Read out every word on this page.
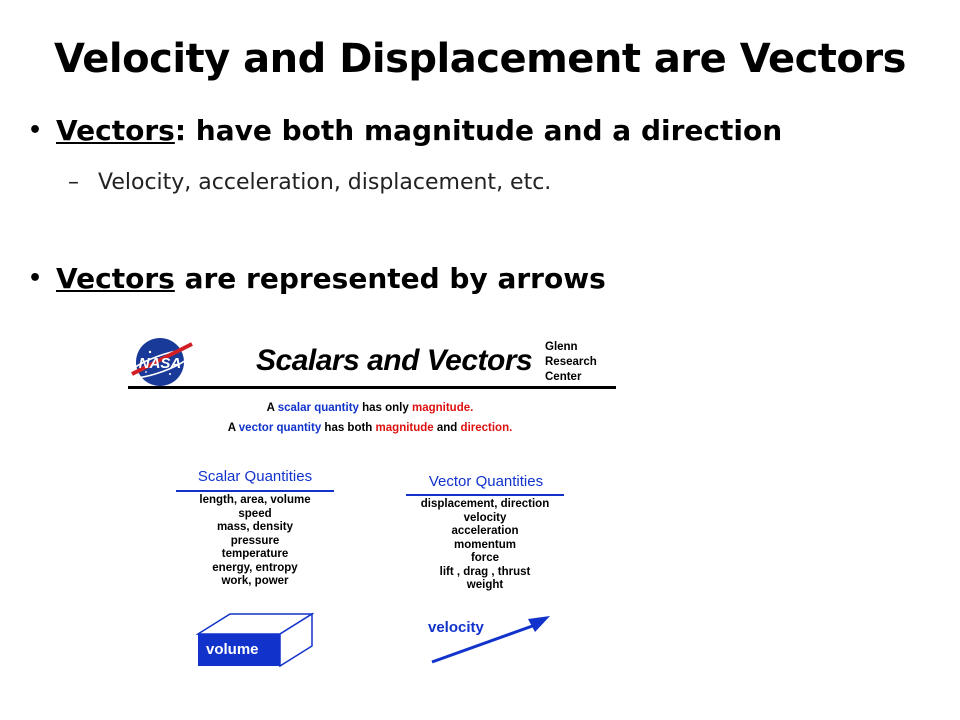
Velocity and Displacement are Vectors
• Vectors: have both magnitude and a direction
– Velocity, acceleration, displacement, etc.
• Vectors are represented by arrows
NASA Scalars and Vectors Glenn
Research
Center
A scalar quantity has only magnitude.
A vector quantity has both magnitude and direction.
Scalar Quantities
length, area, volume
speed
mass, density
pressure
temperature
energy, entropy
work, power
Vector Quantities
displacement, direction
velocity
acceleration
momentum
force
lift , drag , thrust
weight
volume
velocity
